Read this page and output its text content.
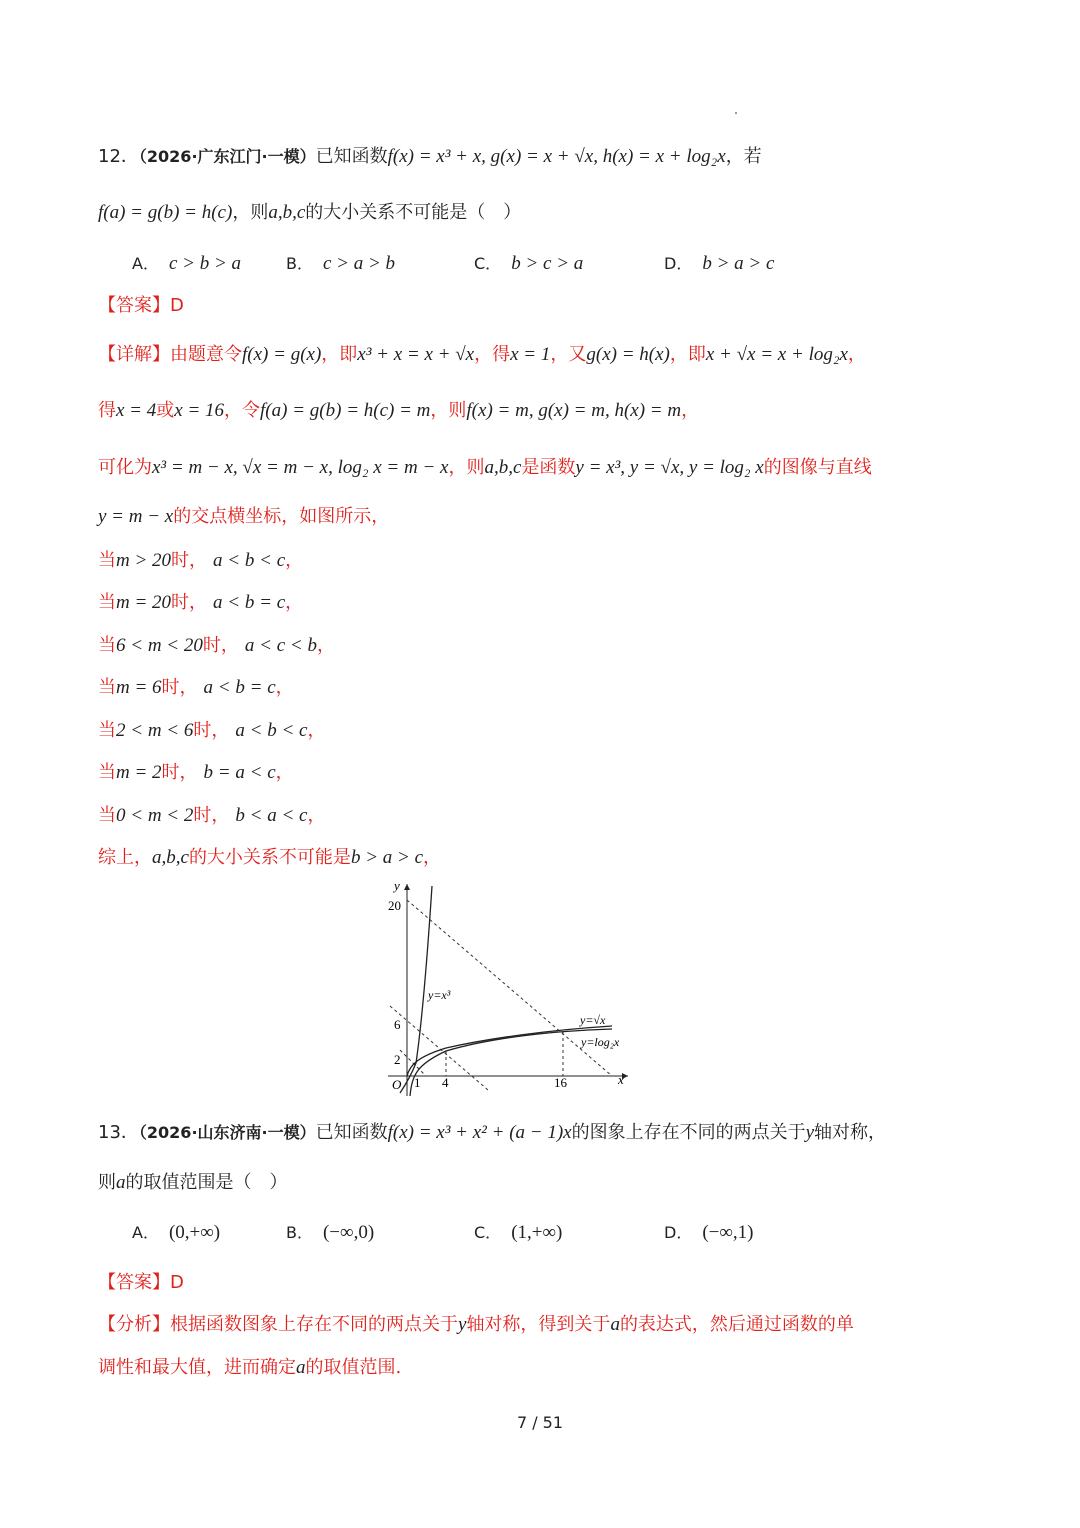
12．（2026·广东江门·一模）已知函数f(x) = x³ + x, g(x) = x + √x, h(x) = x + log₂x，若
f(a) = g(b) = h(c)，则a,b,c的大小关系不可能是（　）
A． c > b > a	B． c > a > b	C． b > c > a	D． b > a > c
【答案】D
【详解】由题意令f(x) = g(x)，即x³ + x = x + √x，得x = 1，又g(x) = h(x)，即x + √x = x + log₂x，
得x = 4或x = 16，令f(a) = g(b) = h(c) = m，则f(x) = m, g(x) = m, h(x) = m，
可化为x³ = m − x, √x = m − x, log₂ x = m − x，则a,b,c是函数y = x³, y = √x, y = log₂ x的图像与直线
y = m − x的交点横坐标，如图所示，
当m > 20时， a < b < c，
当m = 20时， a < b = c，
当6 < m < 20时， a < c < b，
当m = 6时， a < b = c，
当2 < m < 6时， a < b < c，
当m = 2时， b = a < c，
当0 < m < 2时， b < a < c，
综上，a,b,c的大小关系不可能是b > a > c，
y
x
O
20
6
2
1 4	16
y=x³
y=√x
y=log₂x
13．（2026·山东济南·一模）已知函数f(x) = x³ + x² + (a − 1)x的图象上存在不同的两点关于y轴对称，
则a的取值范围是（　）
A． (0,+∞)	B． (−∞,0)	C． (1,+∞)	D． (−∞,1)
【答案】D
【分析】根据函数图象上存在不同的两点关于y轴对称，得到关于a的表达式，然后通过函数的单
调性和最大值，进而确定a的取值范围.
7 / 51
